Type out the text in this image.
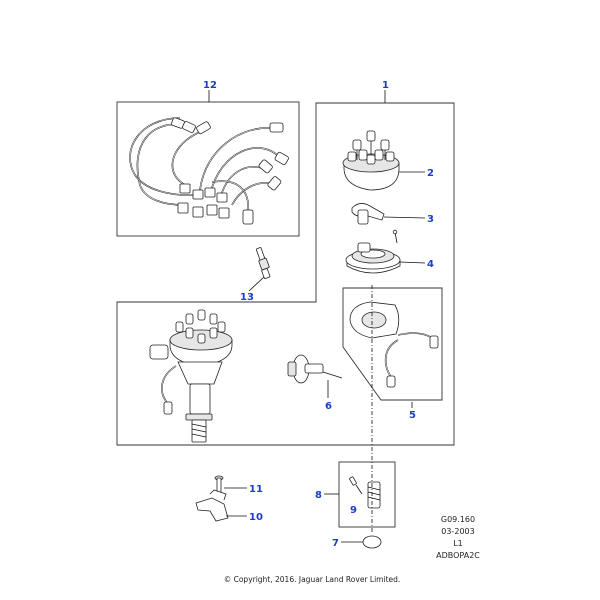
12	1
2
3
4
13
5
6
8
9
11
10
7
G09.160
03-2003
L1
ADBOPA2C
© Copyright, 2016. Jaguar Land Rover Limited.
